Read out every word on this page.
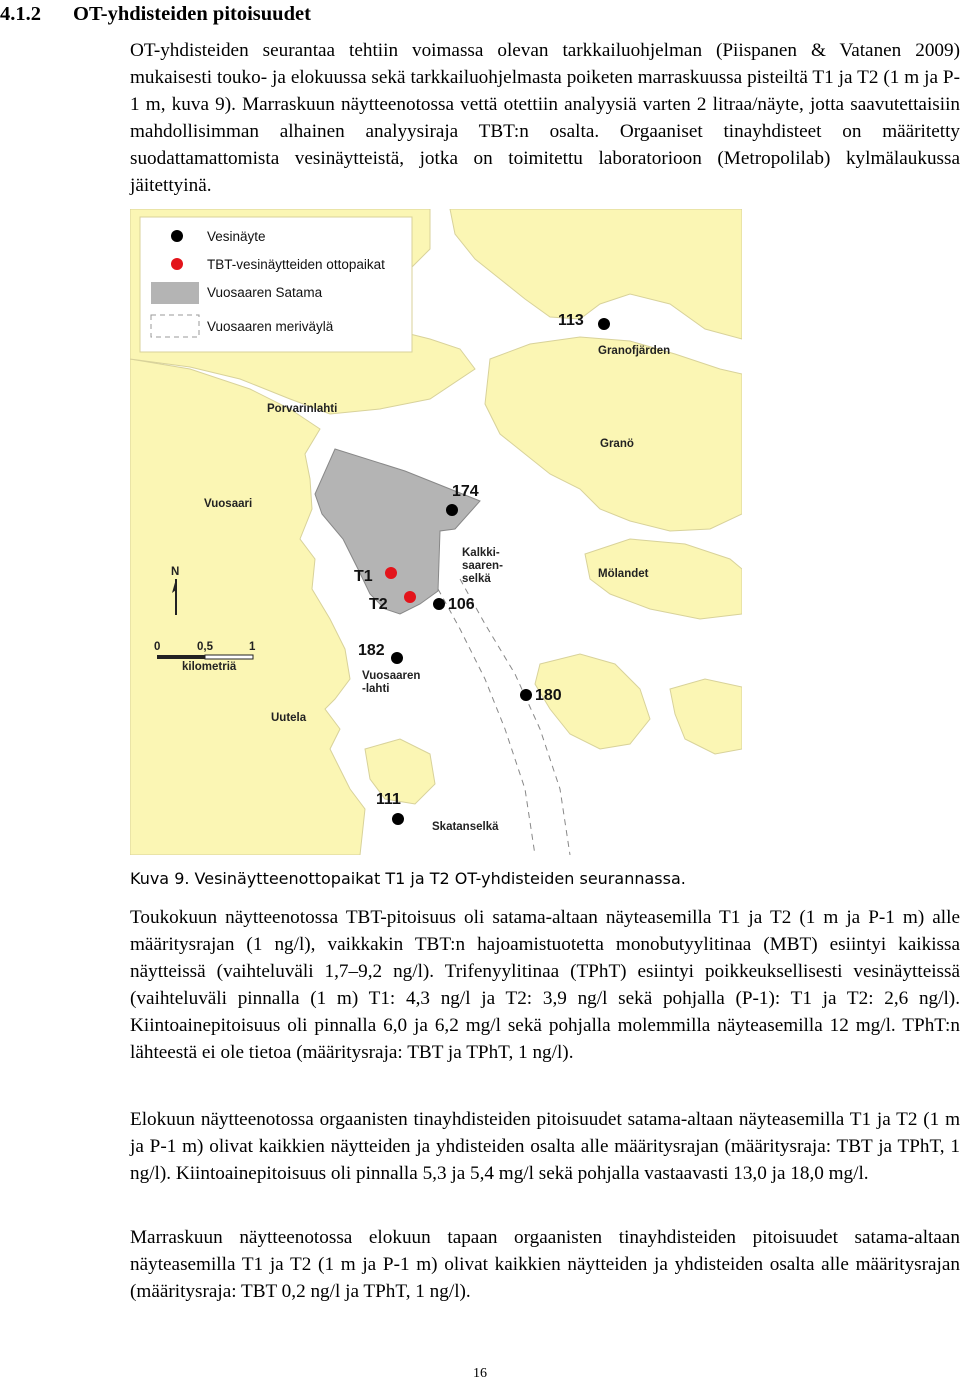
4.1.2 OT-yhdisteiden pitoisuudet

OT-yhdisteiden seurantaa tehtiin voimassa olevan tarkkailuohjelman (Piispanen & Vatanen 2009) mukaisesti touko- ja elokuussa sekä tarkkailuohjelmasta poiketen marraskuussa pisteiltä T1 ja T2 (1 m ja P-1 m, kuva 9). Marraskuun näytteenotossa vettä otettiin analyysiä varten 2 litraa/näyte, jotta saavutettaisiin mahdollisimman alhainen analyysiraja TBT:n osalta. Orgaaniset tinayhdisteet on määritetty suodattamattomista vesinäytteistä, jotka on toimitettu laboratorioon (Metropolilab) kylmälaukussa jäitettyinä.

Vesinäyte
TBT-vesinäytteiden ottopaikat
Vuosaaren Satama
Vuosaaren meriväylä
Granofjärden
Porvarinlahti
Granö
Vuosaari
Kalkki-
saaren-
selkä	Mölandet
Vuosaaren
-lahti
Uutela
Skatanselkä
113
174
T1
T2	106
182
180
111
N
0	0,5	1
kilometriä

Kuva 9. Vesinäytteenottopaikat T1 ja T2 OT-yhdisteiden seurannassa.

Toukokuun näytteenotossa TBT-pitoisuus oli satama-altaan näyteasemilla T1 ja T2 (1 m ja P-1 m) alle määritysrajan (1 ng/l), vaikkakin TBT:n hajoamistuotetta monobutyylitinaa (MBT) esiintyi kaikissa näytteissä (vaihteluväli 1,7–9,2 ng/l). Trifenyylitinaa (TPhT) esiintyi poikkeuksellisesti vesinäytteissä (vaihteluväli pinnalla (1 m) T1: 4,3 ng/l ja T2: 3,9 ng/l sekä pohjalla (P-1): T1 ja T2: 2,6 ng/l). Kiintoainepitoisuus oli pinnalla 6,0 ja 6,2 mg/l sekä pohjalla molemmilla näyteasemilla 12 mg/l. TPhT:n lähteestä ei ole tietoa (määritysraja: TBT ja TPhT, 1 ng/l).

Elokuun näytteenotossa orgaanisten tinayhdisteiden pitoisuudet satama-altaan näyteasemilla T1 ja T2 (1 m ja P-1 m) olivat kaikkien näytteiden ja yhdisteiden osalta alle määritysrajan (määritysraja: TBT ja TPhT, 1 ng/l). Kiintoainepitoisuus oli pinnalla 5,3 ja 5,4 mg/l sekä pohjalla vastaavasti 13,0 ja 18,0 mg/l.

Marraskuun näytteenotossa elokuun tapaan orgaanisten tinayhdisteiden pitoisuudet satama-altaan näyteasemilla T1 ja T2 (1 m ja P-1 m) olivat kaikkien näytteiden ja yhdisteiden osalta alle määritysrajan (määritysraja: TBT 0,2 ng/l ja TPhT, 1 ng/l).

16
